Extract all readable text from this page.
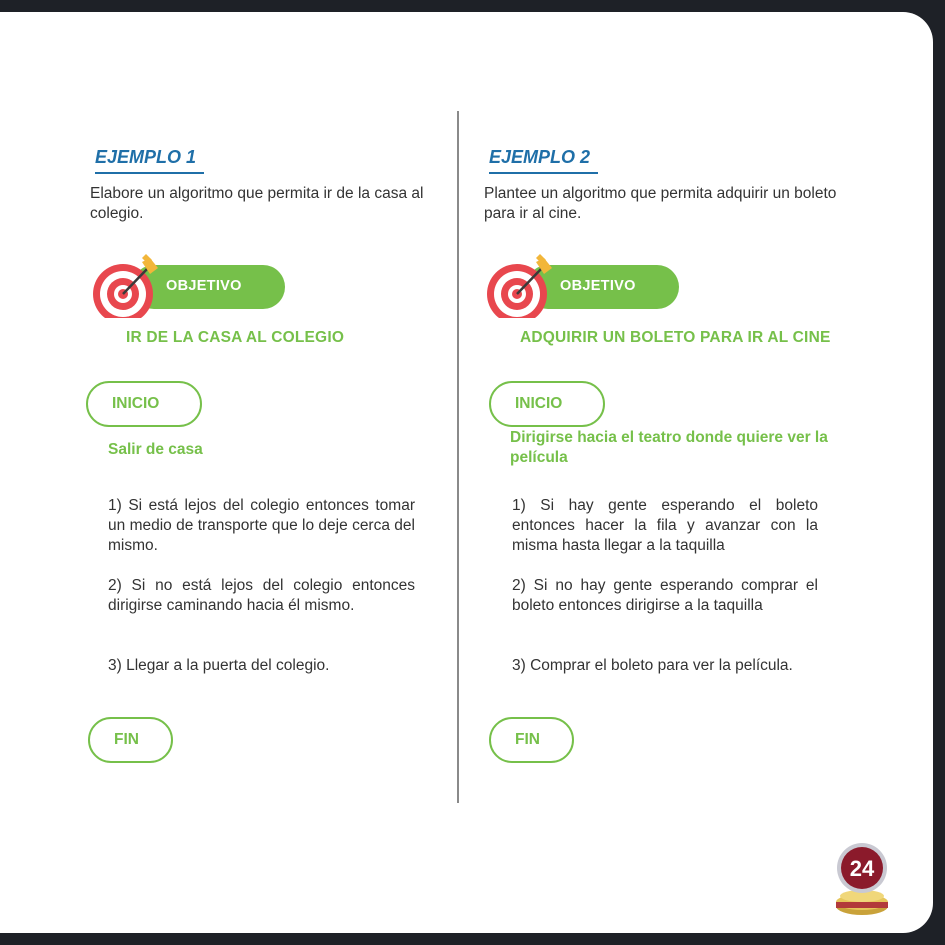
EJEMPLO 1
Elabore un algoritmo que permita ir de la casa al colegio.
OBJETIVO
IR DE LA CASA AL COLEGIO
INICIO
Salir de casa
1) Si está lejos del colegio entonces tomar un medio de transporte que lo deje cerca del mismo.
2) Si no está lejos del colegio entonces dirigirse caminando hacia él mismo.
3) Llegar a la puerta del colegio.
FIN
EJEMPLO 2
Plantee un algoritmo que permita adquirir un boleto para ir al cine.
OBJETIVO
ADQUIRIR UN BOLETO PARA IR AL CINE
INICIO
Dirigirse hacia el teatro donde quiere ver la película
1) Si hay gente esperando el boleto entonces hacer la fila y avanzar con la misma hasta llegar a la taquilla
2) Si no hay gente esperando comprar el boleto entonces dirigirse a la taquilla
3) Comprar el boleto para ver la película.
FIN
24
